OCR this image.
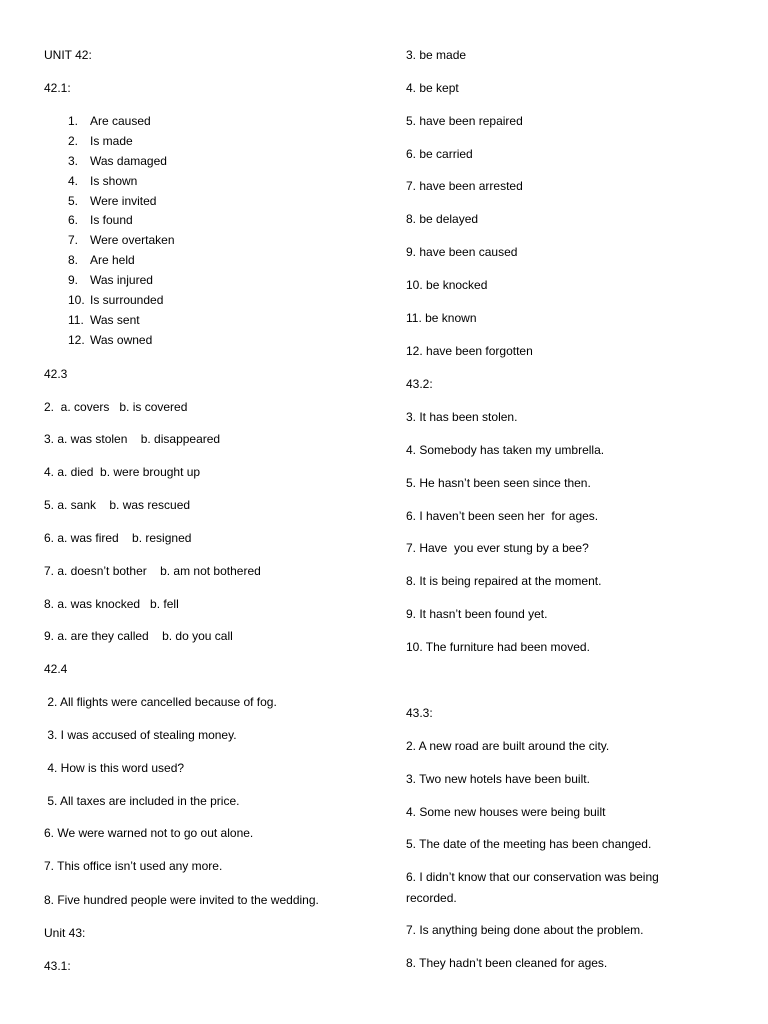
UNIT 42:
42.1:
1. Are caused
2. Is made
3. Was damaged
4. Is shown
5. Were invited
6. Is found
7. Were overtaken
8. Are held
9. Was injured
10. Is surrounded
11. Was sent
12. Was owned
42.3
2.  a. covers   b. is covered
3. a. was stolen    b. disappeared
4. a. died  b. were brought up
5. a. sank    b. was rescued
6. a. was fired    b. resigned
7. a. doesn’t bother    b. am not bothered
8. a. was knocked   b. fell
9. a. are they called    b. do you call
42.4
2. All flights were cancelled because of fog.
3. I was accused of stealing money.
4. How is this word used?
5. All taxes are included in the price.
6. We were warned not to go out alone.
7. This office isn’t used any more.
8. Five hundred people were invited to the wedding.
Unit 43:
43.1:
3. be made
4. be kept
5. have been repaired
6. be carried
7. have been arrested
8. be delayed
9. have been caused
10. be knocked
11. be known
12. have been forgotten
43.2:
3. It has been stolen.
4. Somebody has taken my umbrella.
5. He hasn’t been seen since then.
6. I haven’t been seen her  for ages.
7. Have  you ever stung by a bee?
8. It is being repaired at the moment.
9. It hasn’t been found yet.
10. The furniture had been moved.
43.3:
2. A new road are built around the city.
3. Two new hotels have been built.
4. Some new houses were being built
5. The date of the meeting has been changed.
6. I didn’t know that our conservation was being
recorded.
7. Is anything being done about the problem.
8. They hadn’t been cleaned for ages.
